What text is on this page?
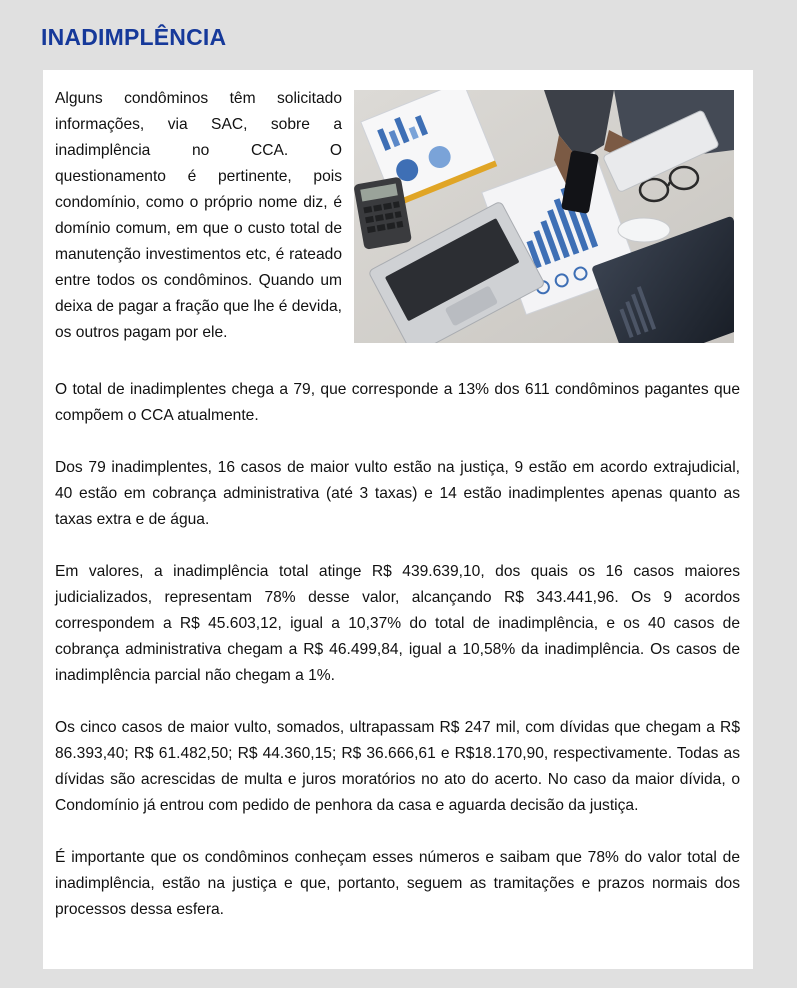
INADIMPLÊNCIA

Alguns condôminos têm solicitado informações, via SAC, sobre a inadimplência no CCA. O questionamento é pertinente, pois condomínio, como o próprio nome diz, é domínio comum, em que o custo total de manutenção investimentos etc, é rateado entre todos os condôminos. Quando um deixa de pagar a fração que lhe é devida, os outros pagam por ele.

O total de inadimplentes chega a 79, que corresponde a 13% dos 611 condôminos pagantes que compõem o CCA atualmente.

Dos 79 inadimplentes, 16 casos de maior vulto estão na justiça, 9 estão em acordo extrajudicial, 40 estão em cobrança administrativa (até 3 taxas) e 14 estão inadimplentes apenas quanto as taxas extra e de água.

Em valores, a inadimplência total atinge R$ 439.639,10, dos quais os 16 casos maiores judicializados, representam 78% desse valor, alcançando R$ 343.441,96. Os 9 acordos correspondem a R$ 45.603,12, igual a 10,37% do total de inadimplência, e os 40 casos de cobrança administrativa chegam a R$ 46.499,84, igual a 10,58% da inadimplência. Os casos de inadimplência parcial não chegam a 1%.

Os cinco casos de maior vulto, somados, ultrapassam R$ 247 mil, com dívidas que chegam a R$ 86.393,40; R$ 61.482,50; R$ 44.360,15; R$ 36.666,61 e R$18.170,90, respectivamente. Todas as dívidas são acrescidas de multa e juros moratórios no ato do acerto. No caso da maior dívida, o Condomínio já entrou com pedido de penhora da casa e aguarda decisão da justiça.

É importante que os condôminos conheçam esses números e saibam que 78% do valor total de inadimplência, estão na justiça e que, portanto, seguem as tramitações e prazos normais dos processos dessa esfera.
